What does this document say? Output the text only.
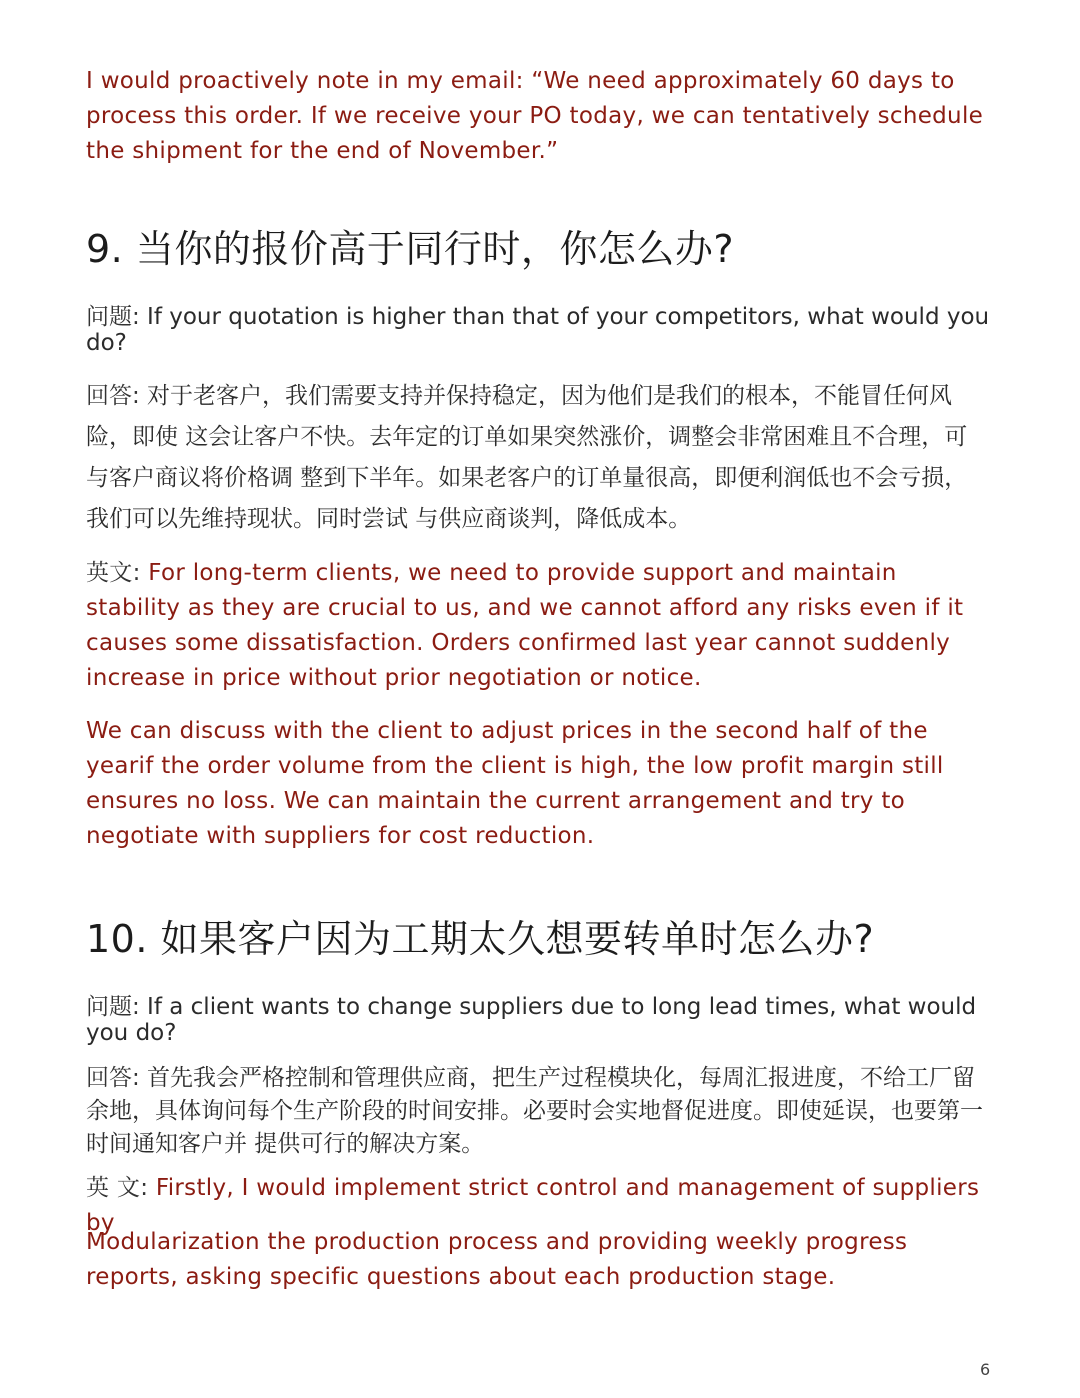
I would proactively note in my email: “We need approximately 60 days to process this order. If we receive your PO today, we can tentatively schedule the shipment for the end of November.”

9. 当你的报价高于同行时，你怎么办?

问题: If your quotation is higher than that of your competitors, what would you do?

回答: 对于老客户，我们需要支持并保持稳定，因为他们是我们的根本，不能冒任何风险，即使 这会让客户不快。去年定的订单如果突然涨价，调整会非常困难且不合理，可与客户商议将价格调 整到下半年。如果老客户的订单量很高，即便利润低也不会亏损，我们可以先维持现状。同时尝试 与供应商谈判，降低成本。

英文: For long-term clients, we need to provide support and maintain stability as they are crucial to us, and we cannot afford any risks even if it causes some dissatisfaction. Orders confirmed last year cannot suddenly increase in price without prior negotiation or notice.

We can discuss with the client to adjust prices in the second half of the yearif the order volume from the client is high, the low profit margin still ensures no loss. We can maintain the current arrangement and try to negotiate with suppliers for cost reduction.

10. 如果客户因为工期太久想要转单时怎么办?

问题: If a client wants to change suppliers due to long lead times, what would you do?

回答: 首先我会严格控制和管理供应商，把生产过程模块化，每周汇报进度，不给工厂留余地，具体询问每个生产阶段的时间安排。必要时会实地督促进度。即使延误，也要第一时间通知客户并 提供可行的解决方案。

英 文: Firstly, I would implement strict control and management of suppliers by

Modularization the production process and providing weekly progress reports, asking specific questions about each production stage.

6
